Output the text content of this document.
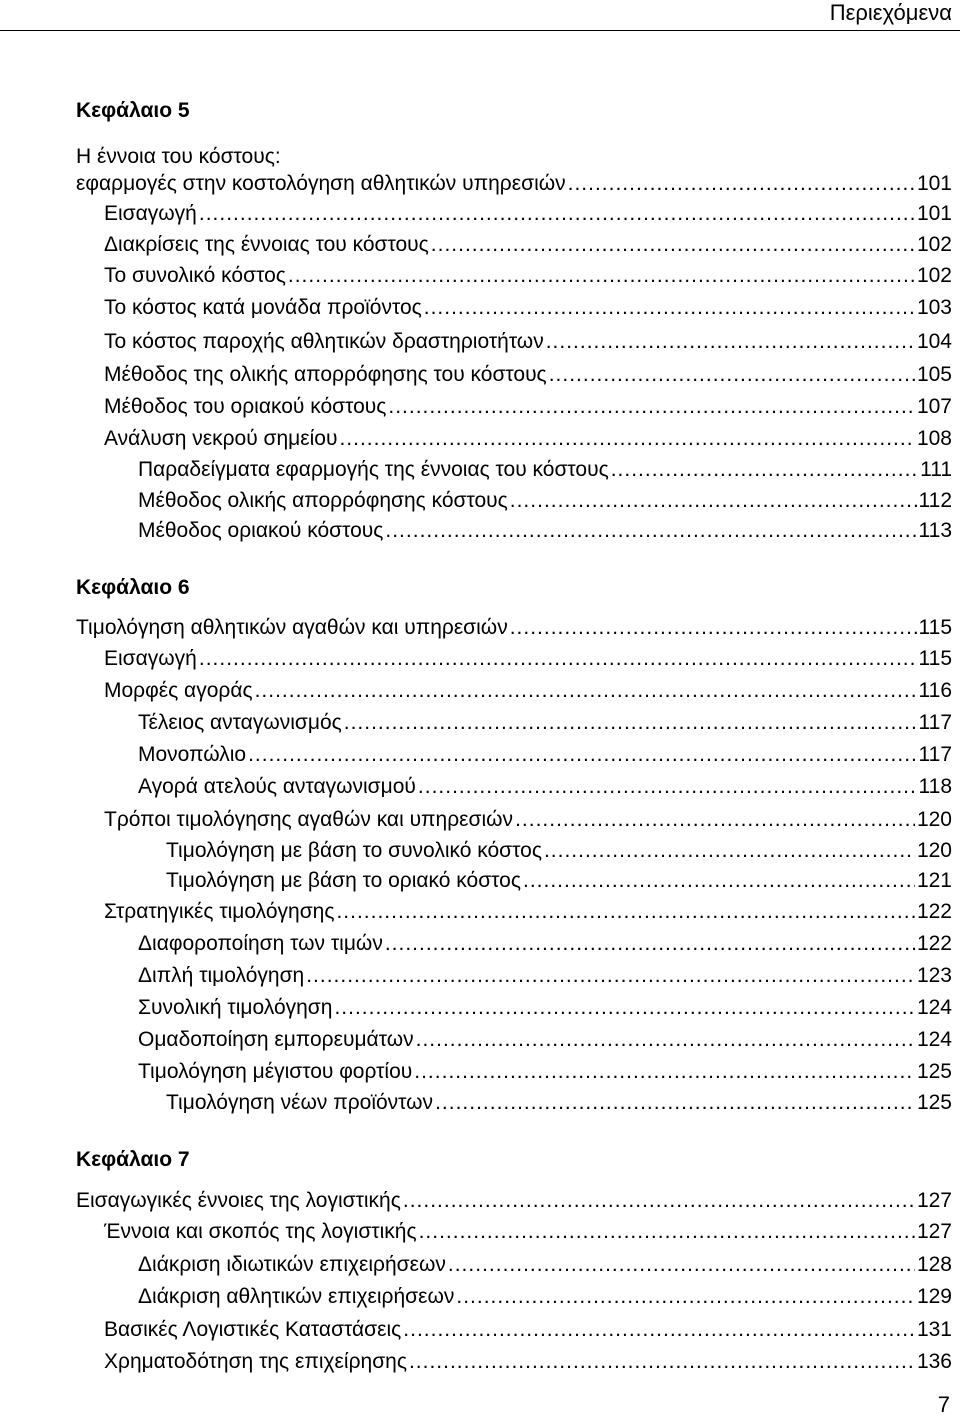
Περιεχόμενα
Κεφάλαιο 5
Η έννοια του κόστους:
εφαρμογές στην κοστολόγηση αθλητικών υπηρεσιών .....	101
Εισαγωγή .....	101
Διακρίσεις της έννοιας του κόστους .....	102
Το συνολικό κόστος .....	102
Το κόστος κατά μονάδα προϊόντος .....	103
Το κόστος παροχής αθλητικών δραστηριοτήτων .....	104
Μέθοδος της ολικής απορρόφησης του κόστους .....	105
Μέθοδος του οριακού κόστους .....	107
Ανάλυση νεκρού σημείου .....	108
Παραδείγματα εφαρμογής της έννοιας του κόστους .....	111
Μέθοδος ολικής απορρόφησης κόστους .....	112
Μέθοδος οριακού κόστους .....	113
Κεφάλαιο 6
Τιμολόγηση αθλητικών αγαθών και υπηρεσιών .....	115
Εισαγωγή .....	115
Μορφές αγοράς .....	116
Τέλειος ανταγωνισμός .....	117
Μονοπώλιο .....	117
Αγορά ατελούς ανταγωνισμού .....	118
Τρόποι τιμολόγησης αγαθών και υπηρεσιών .....	120
Τιμολόγηση με βάση το συνολικό κόστος .....	120
Τιμολόγηση με βάση το οριακό κόστος .....	121
Στρατηγικές τιμολόγησης .....	122
Διαφοροποίηση των τιμών .....	122
Διπλή τιμολόγηση .....	123
Συνολική τιμολόγηση .....	124
Ομαδοποίηση εμπορευμάτων .....	124
Τιμολόγηση μέγιστου φορτίου .....	125
Τιμολόγηση νέων προϊόντων .....	125
Κεφάλαιο 7
Εισαγωγικές έννοιες της λογιστικής .....	127
Έννοια και σκοπός της λογιστικής .....	127
Διάκριση ιδιωτικών επιχειρήσεων .....	128
Διάκριση αθλητικών επιχειρήσεων .....	129
Βασικές Λογιστικές Καταστάσεις .....	131
Χρηματοδότηση της επιχείρησης .....	136
7
